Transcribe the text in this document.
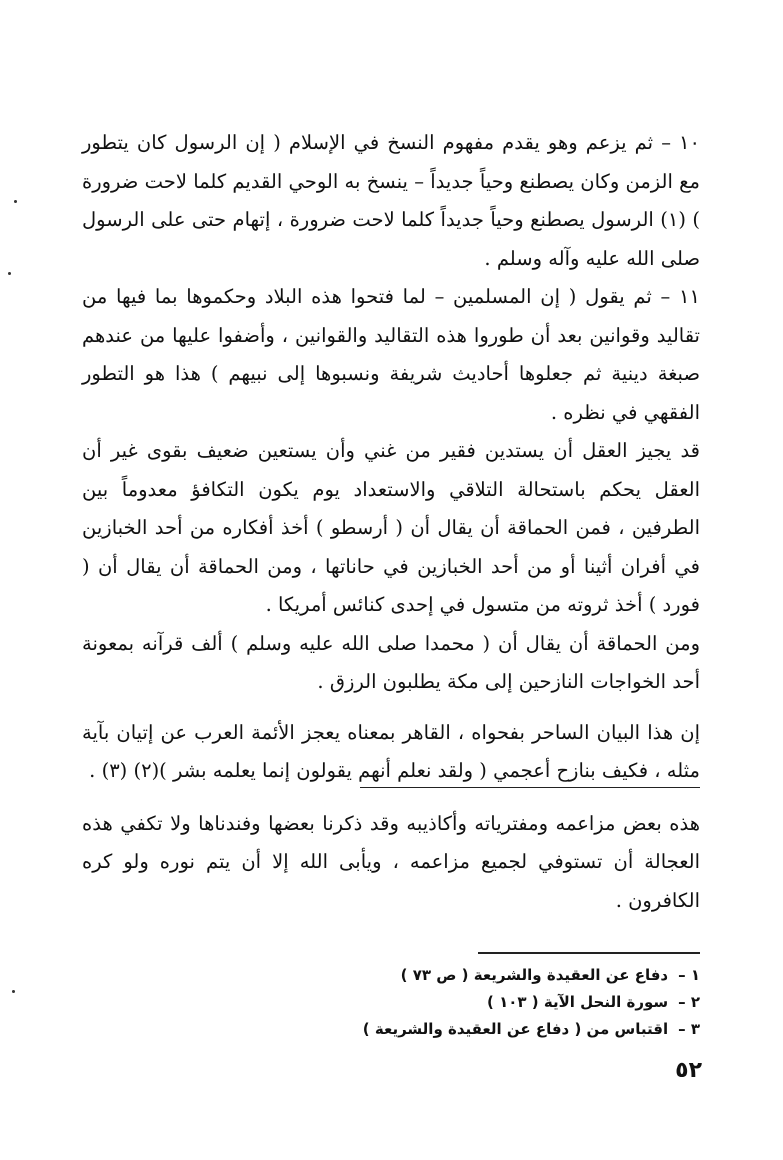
١٠ – ثم يزعم وهو يقدم مفهوم النسخ في الإسلام ( إن الرسول كان يتطور مع الزمن وكان يصطنع وحياً جديداً – ينسخ به الوحي القديم كلما لاحت ضرورة ) (١) الرسول يصطنع وحياً جديداً كلما لاحت ضرورة ، إتهام حتى على الرسول صلى الله عليه وآله وسلم .

١١ – ثم يقول ( إن المسلمين – لما فتحوا هذه البلاد وحكموها بما فيها من تقاليد وقوانين بعد أن طوروا هذه التقاليد والقوانين ، وأضفوا عليها من عندهم صبغة دينية ثم جعلوها أحاديث شريفة ونسبوها إلى نبيهم ) هذا هو التطور الفقهي في نظره .

قد يجيز العقل أن يستدين فقير من غني وأن يستعين ضعيف بقوى غير أن العقل يحكم باستحالة التلاقي والاستعداد يوم يكون التكافؤ معدوماً بين الطرفين ، فمن الحماقة أن يقال أن ( أرسطو ) أخذ أفكاره من أحد الخبازين في أفران أثينا أو من أحد الخبازين في حاناتها ، ومن الحماقة أن يقال أن ( فورد ) أخذ ثروته من متسول في إحدى كنائس أمريكا .

ومن الحماقة أن يقال أن ( محمدا صلى الله عليه وسلم ) ألف قرآنه بمعونة أحد الخواجات النازحين إلى مكة يطلبون الرزق .

إن هذا البيان الساحر بفحواه ، القاهر بمعناه يعجز الأئمة العرب عن إتيان بآية مثله ، فكيف بنازح أعجمي ( ولقد نعلم أنهم يقولون إنما يعلمه بشر )(٢) (٣) .

هذه بعض مزاعمه ومفترياته وأكاذيبه وقد ذكرنا بعضها وفندناها ولا تكفي هذه العجالة أن تستوفي لجميع مزاعمه ، ويأبى الله إلا أن يتم نوره ولو كره الكافرون .

١ –
دفاع عن العقيدة والشريعة ( ص ٧٣ )
٢ –
سورة النحل الآية ( ١٠٣ )
٣ –
اقتباس من ( دفاع عن العقيدة والشريعة )
٥٢
